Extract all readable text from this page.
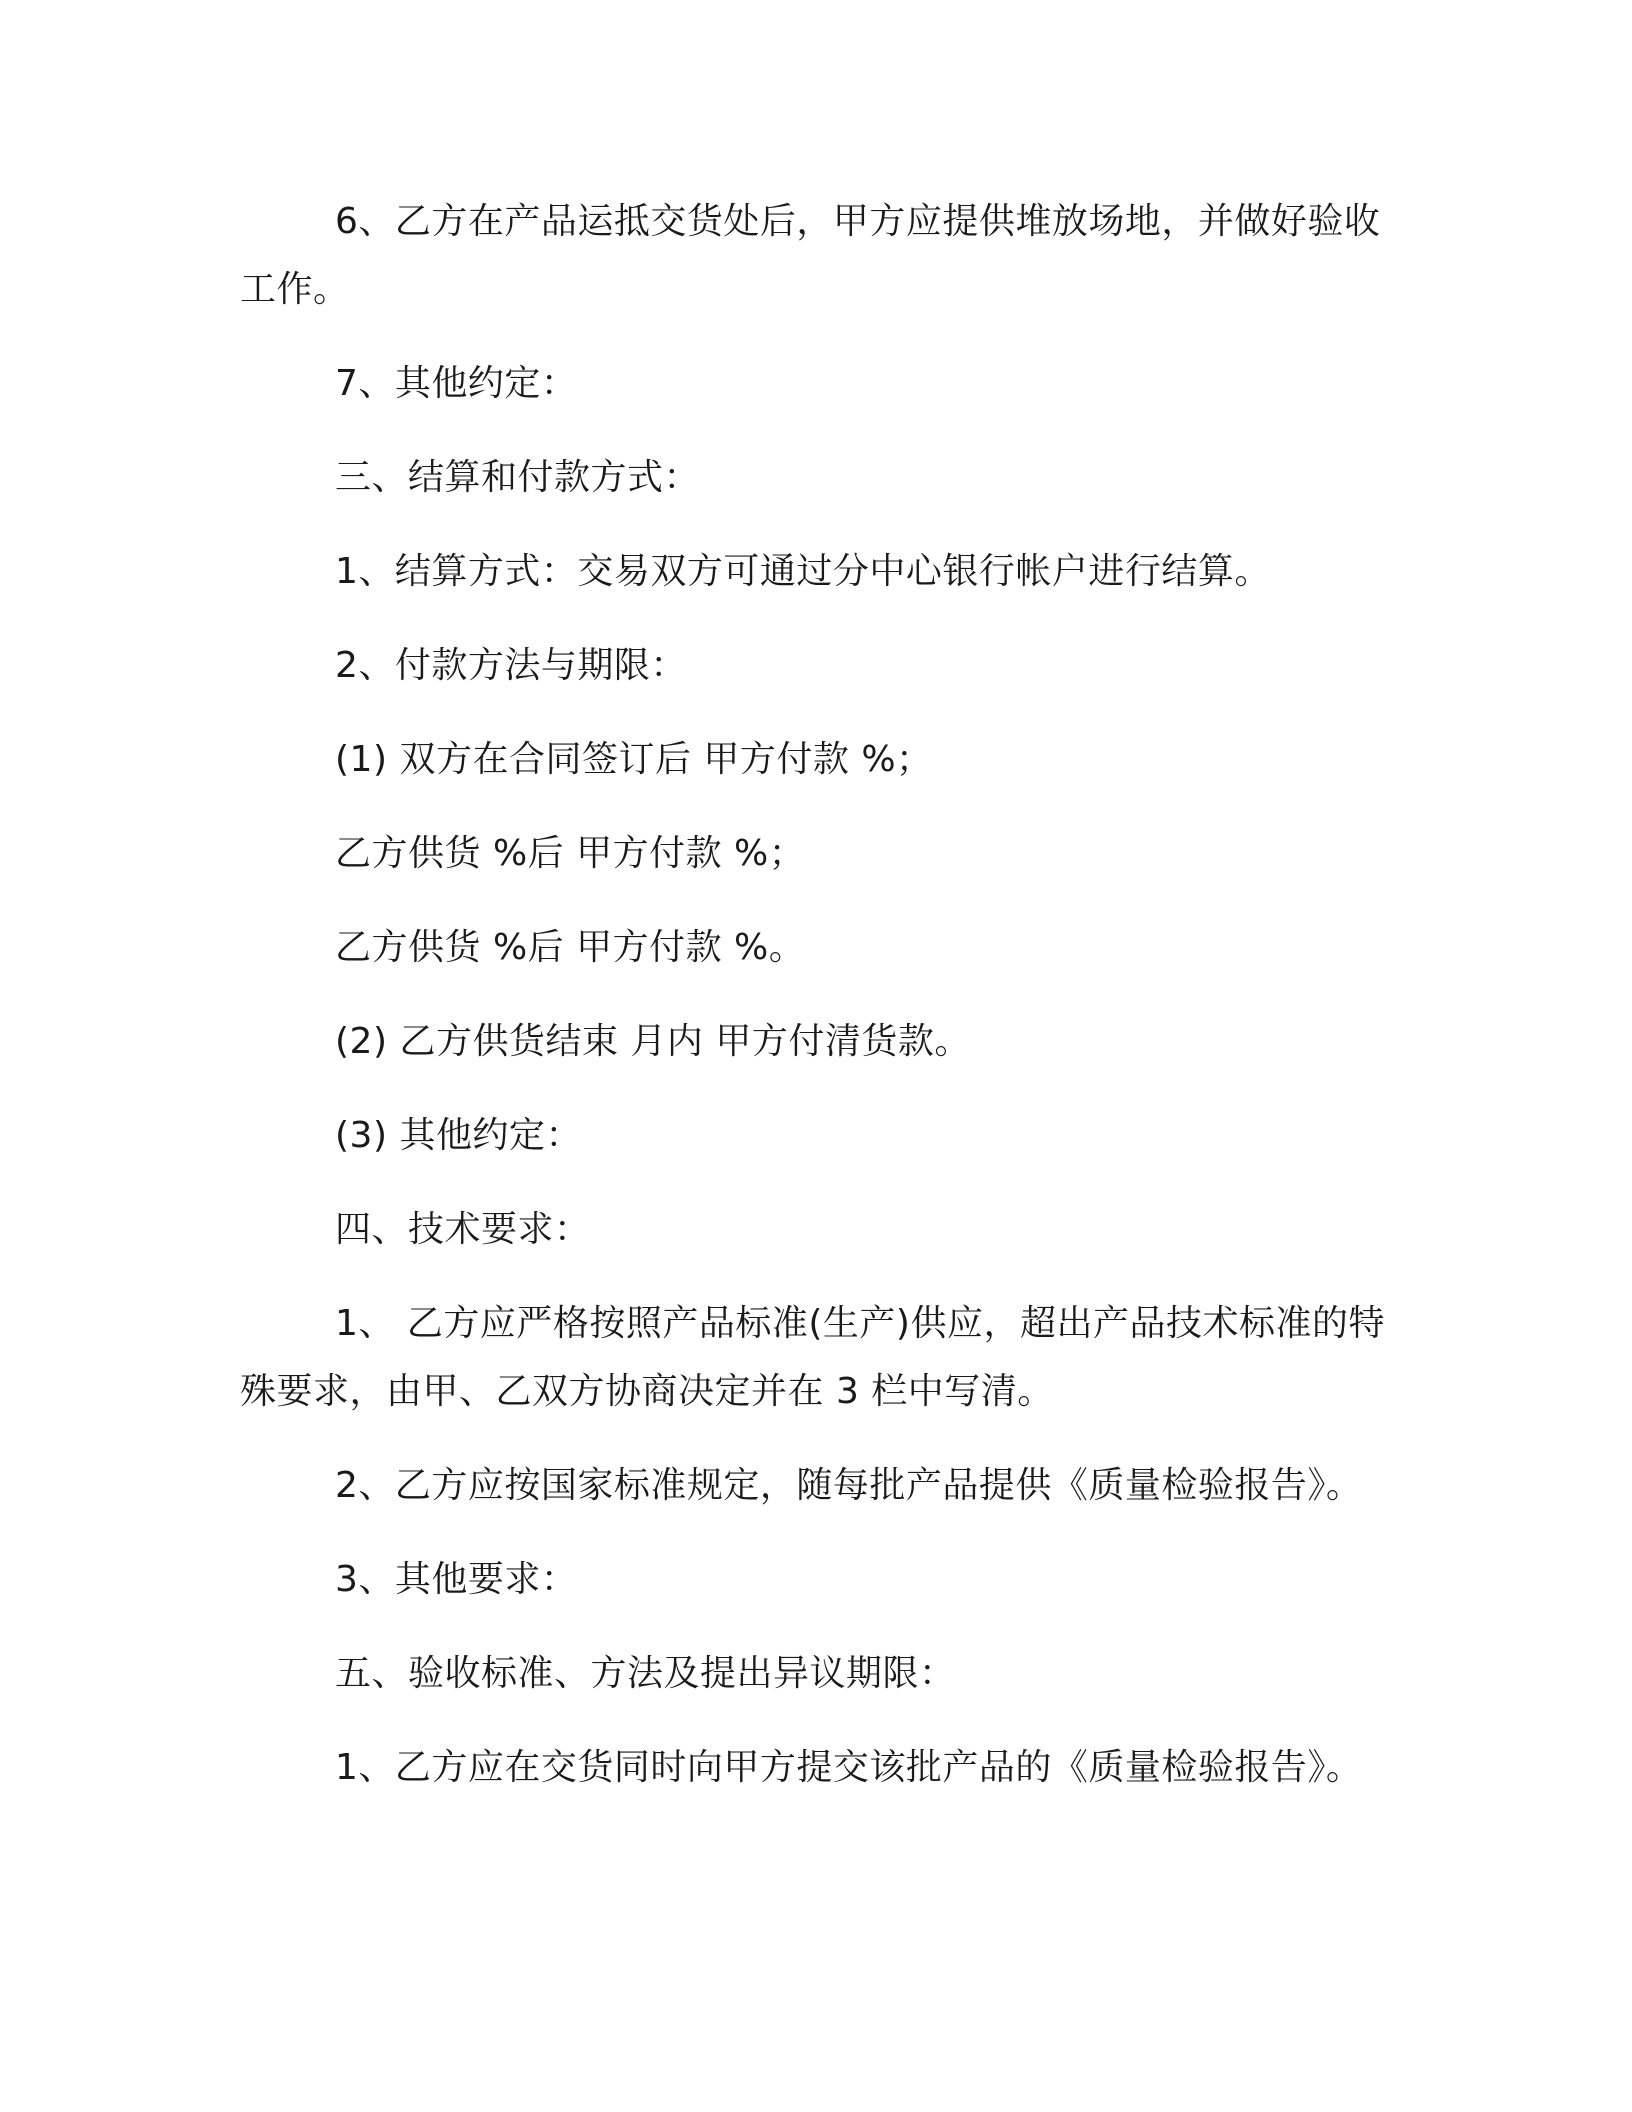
6、乙方在产品运抵交货处后，甲方应提供堆放场地，并做好验收工作。

7、其他约定：

三、结算和付款方式：

1、结算方式：交易双方可通过分中心银行帐户进行结算。

2、付款方法与期限：

(1) 双方在合同签订后 甲方付款 %；

乙方供货 %后 甲方付款 %；

乙方供货 %后 甲方付款 %。

(2) 乙方供货结束 月内 甲方付清货款。

(3) 其他约定：

四、技术要求：

1、 乙方应严格按照产品标准(生产)供应，超出产品技术标准的特殊要求，由甲、乙双方协商决定并在 3 栏中写清。

2、乙方应按国家标准规定，随每批产品提供《质量检验报告》。

3、其他要求：

五、验收标准、方法及提出异议期限：

1、乙方应在交货同时向甲方提交该批产品的《质量检验报告》。
